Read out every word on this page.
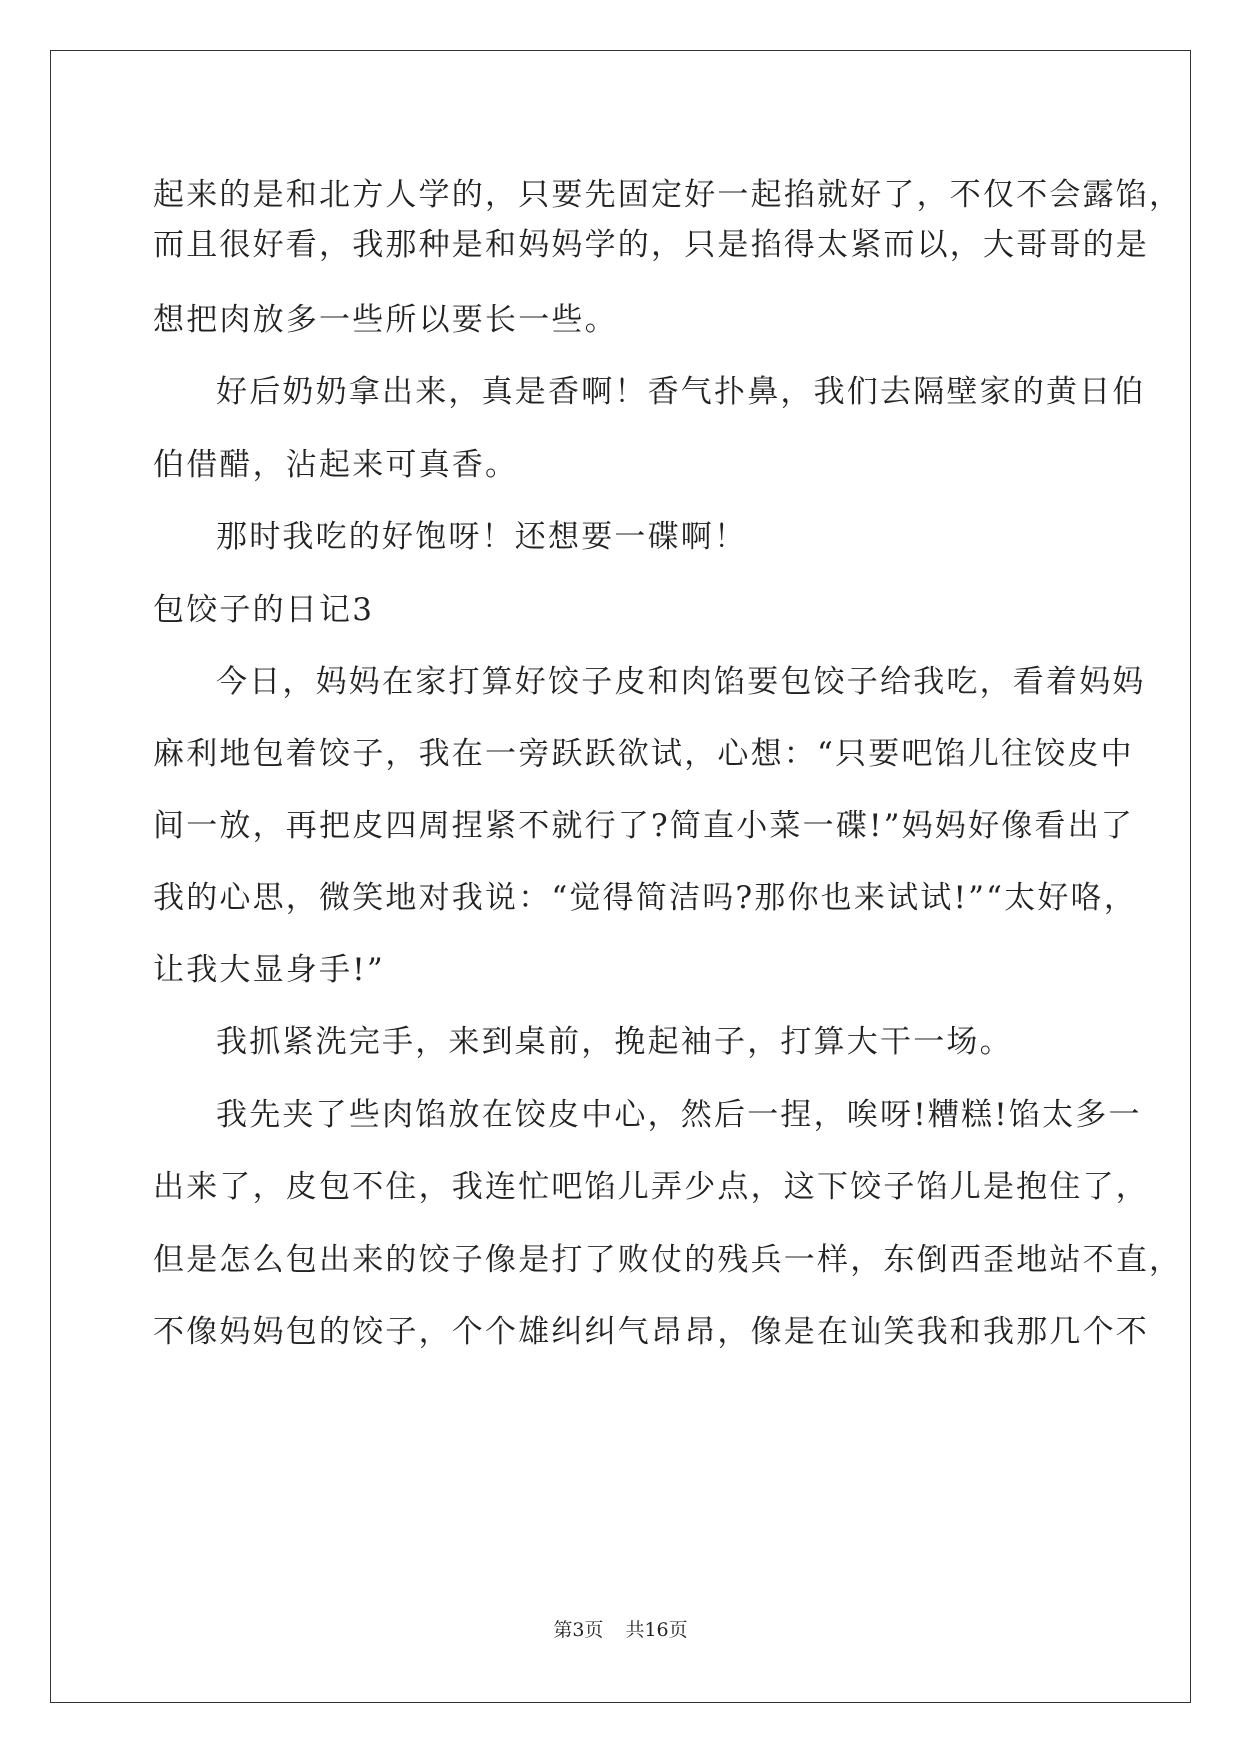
起来的是和北方人学的，只要先固定好一起掐就好了，不仅不会露馅，
而且很好看，我那种是和妈妈学的，只是掐得太紧而以，大哥哥的是
想把肉放多一些所以要长一些。
好后奶奶拿出来，真是香啊！香气扑鼻，我们去隔壁家的黄日伯
伯借醋，沾起来可真香。
那时我吃的好饱呀！还想要一碟啊！
包饺子的日记3
今日，妈妈在家打算好饺子皮和肉馅要包饺子给我吃，看着妈妈
麻利地包着饺子，我在一旁跃跃欲试，心想：“只要吧馅儿往饺皮中
间一放，再把皮四周捏紧不就行了?简直小菜一碟!”妈妈好像看出了
我的心思，微笑地对我说：“觉得简洁吗?那你也来试试!”“太好咯，
让我大显身手!”
我抓紧洗完手，来到桌前，挽起袖子，打算大干一场。
我先夹了些肉馅放在饺皮中心，然后一捏，唉呀!糟糕!馅太多一
出来了，皮包不住，我连忙吧馅儿弄少点，这下饺子馅儿是抱住了，
但是怎么包出来的饺子像是打了败仗的残兵一样，东倒西歪地站不直，
不像妈妈包的饺子，个个雄纠纠气昂昂，像是在讪笑我和我那几个不
第3页 共16页
